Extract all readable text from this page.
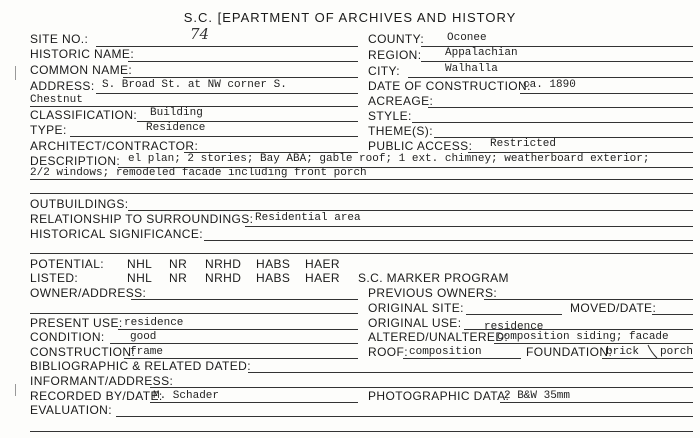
S.C. [EPARTMENT OF ARCHIVES AND HISTORY
SITE NO.:	74
HISTORIC NAME:
COMMON NAME:
ADDRESS: S. Broad St. at NW corner S.
Chestnut
CLASSIFICATION: Building
TYPE:	Residence
ARCHITECT/CONTRACTOR:
DESCRIPTION: el plan; 2 stories; Bay ABA; gable roof; 1 ext. chimney; weatherboard exterior;
2/2 windows; remodeled facade including front porch
OUTBUILDINGS:
RELATIONSHIP TO SURROUNDINGS: Residential area
HISTORICAL SIGNIFICANCE:
POTENTIAL: NHL NR NRHD HABS HAER
LISTED:	NHL NR NRHD HABS HAER
OWNER/ADDRESS:
PRESENT USE: residence
CONDITION: good
CONSTRUCTION:
frame
BIBLIOGRAPHIC & RELATED DATED:
INFORMANT/ADDRESS:
RECORDED BY/DATE:
M. Schader
EVALUATION:
COUNTY: Oconee
REGION: Appalachian
CITY:	Walhalla
DATE OF CONSTRUCTION:
ca. 1890
ACREAGE:
STYLE:
THEME(S):
PUBLIC ACCESS: Restricted
S.C. MARKER PROGRAM
PREVIOUS OWNERS:
ORIGINAL SITE:	MOVED/DATE:
ORIGINAL USE: residence
ALTERED/UNALTERED:
composition siding; facade
ROOF: composition	FOUNDATION:
brick porch
PHOTOGRAPHIC DATA:
2 B&W 35mm
